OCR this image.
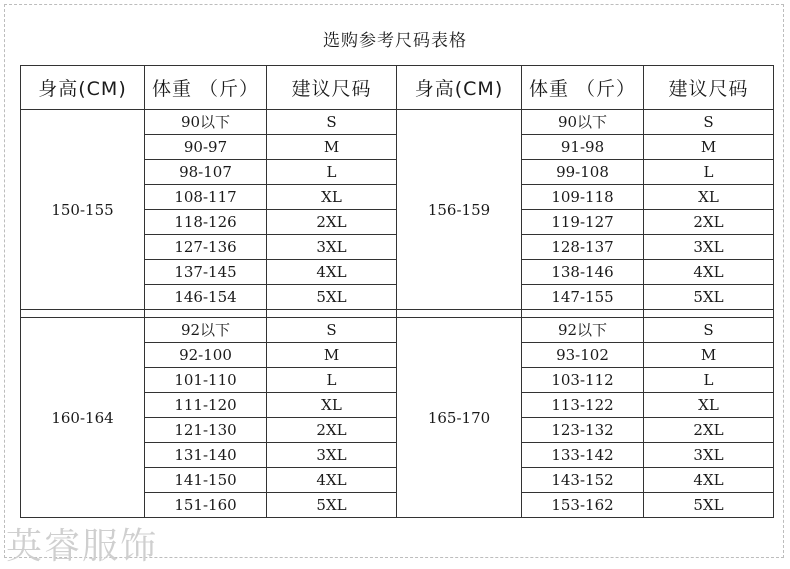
选购参考尺码表格
身高(CM)	体重 （斤）	建议尺码	身高(CM)	体重 （斤）	建议尺码
150-155	90以下	S	156-159	90以下	S
	90-97	M		91-98	M
	98-107	L		99-108	L
	108-117	XL		109-118	XL
	118-126	2XL		119-127	2XL
	127-136	3XL		128-137	3XL
	137-145	4XL		138-146	4XL
	146-154	5XL		147-155	5XL

160-164	92以下	S	165-170	92以下	S
	92-100	M		93-102	M
	101-110	L		103-112	L
	111-120	XL		113-122	XL
	121-130	2XL		123-132	2XL
	131-140	3XL		133-142	3XL
	141-150	4XL		143-152	4XL
	151-160	5XL		153-162	5XL
英睿服饰
